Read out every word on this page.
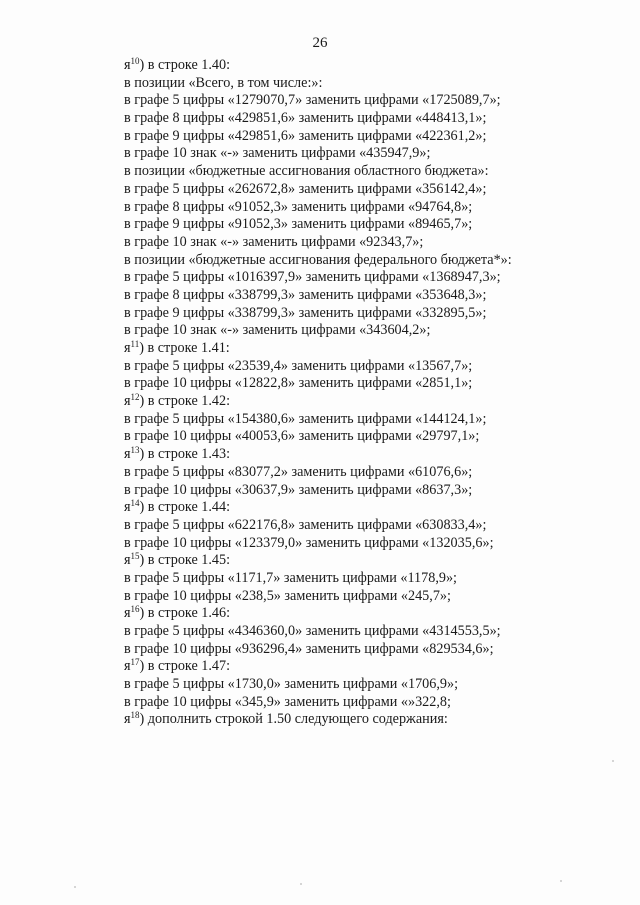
26
$я^{10}$) в строке 1.40:
в позиции «Всего, в том числе:»:
в графе 5 цифры «1279070,7» заменить цифрами «1725089,7»;
в графе 8 цифры «429851,6» заменить цифрами «448413,1»;
в графе 9 цифры «429851,6» заменить цифрами «422361,2»;
в графе 10 знак «-» заменить цифрами «435947,9»;
в позиции «бюджетные ассигнования областного бюджета»:
в графе 5 цифры «262672,8» заменить цифрами «356142,4»;
в графе 8 цифры «91052,3» заменить цифрами «94764,8»;
в графе 9 цифры «91052,3» заменить цифрами «89465,7»;
в графе 10 знак «-» заменить цифрами «92343,7»;
в позиции «бюджетные ассигнования федерального бюджета*»:
в графе 5 цифры «1016397,9» заменить цифрами «1368947,3»;
в графе 8 цифры «338799,3» заменить цифрами «353648,3»;
в графе 9 цифры «338799,3» заменить цифрами «332895,5»;
в графе 10 знак «-» заменить цифрами «343604,2»;
$я^{11}$) в строке 1.41:
в графе 5 цифры «23539,4» заменить цифрами «13567,7»;
в графе 10 цифры «12822,8» заменить цифрами «2851,1»;
$я^{12}$) в строке 1.42:
в графе 5 цифры «154380,6» заменить цифрами «144124,1»;
в графе 10 цифры «40053,6» заменить цифрами «29797,1»;
$я^{13}$) в строке 1.43:
в графе 5 цифры «83077,2» заменить цифрами «61076,6»;
в графе 10 цифры «30637,9» заменить цифрами «8637,3»;
$я^{14}$) в строке 1.44:
в графе 5 цифры «622176,8» заменить цифрами «630833,4»;
в графе 10 цифры «123379,0» заменить цифрами «132035,6»;
$я^{15}$) в строке 1.45:
в графе 5 цифры «1171,7» заменить цифрами «1178,9»;
в графе 10 цифры «238,5» заменить цифрами «245,7»;
$я^{16}$) в строке 1.46:
в графе 5 цифры «4346360,0» заменить цифрами «4314553,5»;
в графе 10 цифры «936296,4» заменить цифрами «829534,6»;
$я^{17}$) в строке 1.47:
в графе 5 цифры «1730,0» заменить цифрами «1706,9»;
в графе 10 цифры «345,9» заменить цифрами «»322,8;
$я^{18}$) дополнить строкой 1.50 следующего содержания:
